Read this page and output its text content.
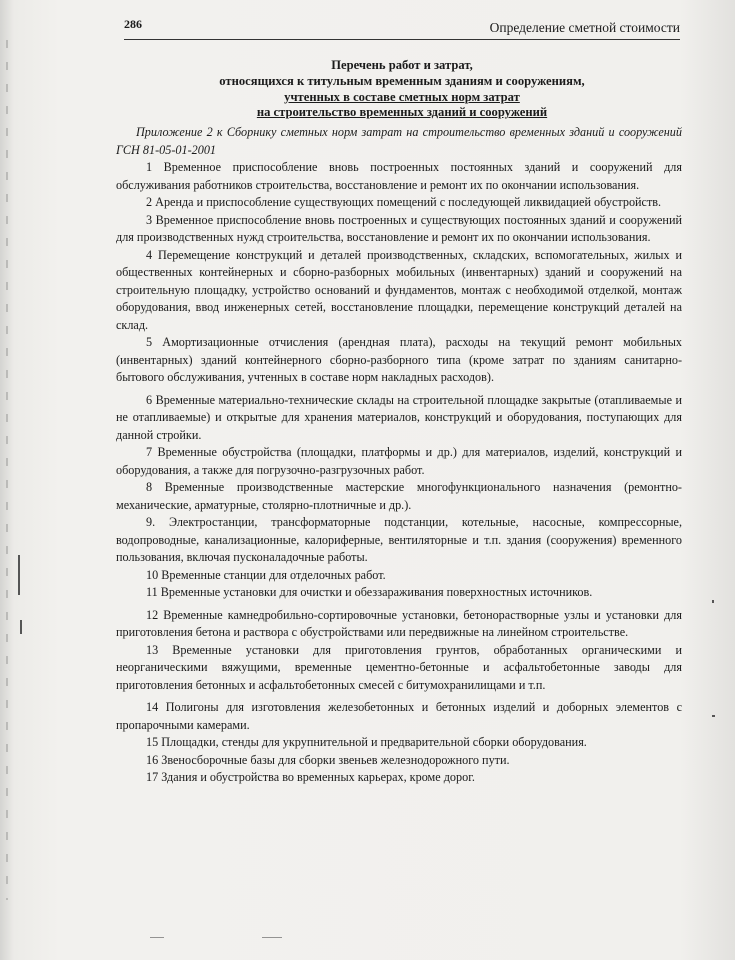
286	Определение сметной стоимости
Перечень работ и затрат,
относящихся к титульным временным зданиям и сооружениям,
учтенных в составе сметных норм затрат
на строительство временных зданий и сооружений

Приложение 2 к Сборнику сметных норм затрат на строительство временных зданий и сооружений ГСН 81-05-01-2001

1 Временное приспособление вновь построенных постоянных зданий и сооружений для обслуживания работников строительства, восстановление и ремонт их по окончании использования.

2 Аренда и приспособление существующих помещений с последующей ликвидацией обустройств.

3 Временное приспособление вновь построенных и существующих постоянных зданий и сооружений для производственных нужд строительства, восстановление и ремонт их по окончании использования.

4 Перемещение конструкций и деталей производственных, складских, вспомогательных, жилых и общественных контейнерных и сборно-разборных мобильных (инвентарных) зданий и сооружений на строительную площадку, устройство оснований и фундаментов, монтаж с необходимой отделкой, монтаж оборудования, ввод инженерных сетей, восстановление площадки, перемещение конструкций деталей на склад.

5 Амортизационные отчисления (арендная плата), расходы на текущий ремонт мобильных (инвентарных) зданий контейнерного сборно-разборного типа (кроме затрат по зданиям санитарно-бытового обслуживания, учтенных в составе норм накладных расходов).

6 Временные материально-технические склады на строительной площадке закрытые (отапливаемые и не отапливаемые) и открытые для хранения материалов, конструкций и оборудования, поступающих для данной стройки.

7 Временные обустройства (площадки, платформы и др.) для материалов, изделий, конструкций и оборудования, а также для погрузочно-разгрузочных работ.

8 Временные производственные мастерские многофункционального назначения (ремонтно-механические, арматурные, столярно-плотничные и др.).

9. Электростанции, трансформаторные подстанции, котельные, насосные, компрессорные, водопроводные, канализационные, калориферные, вентиляторные и т.п. здания (сооружения) временного пользования, включая пусконаладочные работы.

10 Временные станции для отделочных работ.

11 Временные установки для очистки и обеззараживания поверхностных источников.

12 Временные камнедробильно-сортировочные установки, бетонорастворные узлы и установки для приготовления бетона и раствора с обустройствами или передвижные на линейном строительстве.

13 Временные установки для приготовления грунтов, обработанных органическими и неорганическими вяжущими, временные цементно-бетонные и асфальтобетонные заводы для приготовления бетонных и асфальтобетонных смесей с битумохранилищами и т.п.

14 Полигоны для изготовления железобетонных и бетонных изделий и доборных элементов с пропарочными камерами.

15 Площадки, стенды для укрупнительной и предварительной сборки оборудования.

16 Звеносборочные базы для сборки звеньев железнодорожного пути.

17 Здания и обустройства во временных карьерах, кроме дорог.
